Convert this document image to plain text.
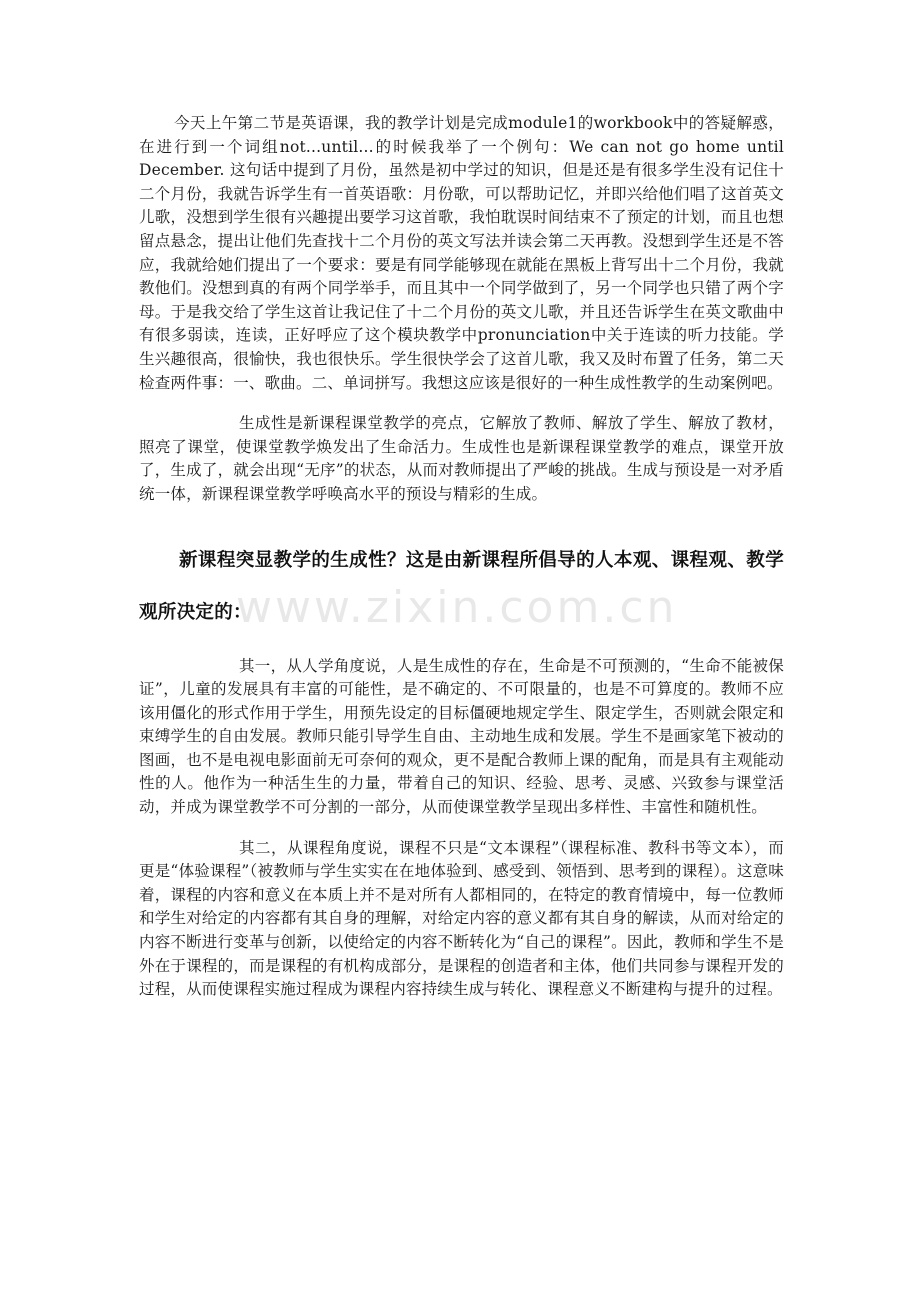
www.zixin.com.cn

今天上午第二节是英语课，我的教学计划是完成module1的workbook中的答疑解惑，在进行到一个词组not...until...的时候我举了一个例句：We can not go home until December. 这句话中提到了月份，虽然是初中学过的知识，但是还是有很多学生没有记住十二个月份，我就告诉学生有一首英语歌：月份歌，可以帮助记忆，并即兴给他们唱了这首英文儿歌，没想到学生很有兴趣提出要学习这首歌，我怕耽误时间结束不了预定的计划，而且也想留点悬念，提出让他们先查找十二个月份的英文写法并读会第二天再教。没想到学生还是不答应，我就给她们提出了一个要求：要是有同学能够现在就能在黑板上背写出十二个月份，我就教他们。没想到真的有两个同学举手，而且其中一个同学做到了，另一个同学也只错了两个字母。于是我交给了学生这首让我记住了十二个月份的英文儿歌，并且还告诉学生在英文歌曲中有很多弱读，连读，正好呼应了这个模块教学中pronunciation中关于连读的听力技能。学生兴趣很高，很愉快，我也很快乐。学生很快学会了这首儿歌，我又及时布置了任务，第二天检查两件事：一、歌曲。二、单词拼写。我想这应该是很好的一种生成性教学的生动案例吧。

生成性是新课程课堂教学的亮点，它解放了教师、解放了学生、解放了教材，照亮了课堂，使课堂教学焕发出了生命活力。生成性也是新课程课堂教学的难点，课堂开放了，生成了，就会出现“无序”的状态，从而对教师提出了严峻的挑战。生成与预设是一对矛盾统一体，新课程课堂教学呼唤高水平的预设与精彩的生成。

新课程突显教学的生成性？这是由新课程所倡导的人本观、课程观、教学观所决定的：

其一，从人学角度说，人是生成性的存在，生命是不可预测的，“生命不能被保证”，儿童的发展具有丰富的可能性，是不确定的、不可限量的，也是不可算度的。教师不应该用僵化的形式作用于学生，用预先设定的目标僵硬地规定学生、限定学生，否则就会限定和束缚学生的自由发展。教师只能引导学生自由、主动地生成和发展。学生不是画家笔下被动的图画，也不是电视电影面前无可奈何的观众，更不是配合教师上课的配角，而是具有主观能动性的人。他作为一种活生生的力量，带着自己的知识、经验、思考、灵感、兴致参与课堂活动，并成为课堂教学不可分割的一部分，从而使课堂教学呈现出多样性、丰富性和随机性。

其二，从课程角度说，课程不只是“文本课程”（课程标准、教科书等文本），而更是“体验课程”（被教师与学生实实在在地体验到、感受到、领悟到、思考到的课程）。这意味着，课程的内容和意义在本质上并不是对所有人都相同的，在特定的教育情境中，每一位教师和学生对给定的内容都有其自身的理解，对给定内容的意义都有其自身的解读，从而对给定的内容不断进行变革与创新，以使给定的内容不断转化为“自己的课程”。因此，教师和学生不是外在于课程的，而是课程的有机构成部分，是课程的创造者和主体，他们共同参与课程开发的过程，从而使课程实施过程成为课程内容持续生成与转化、课程意义不断建构与提升的过程。
